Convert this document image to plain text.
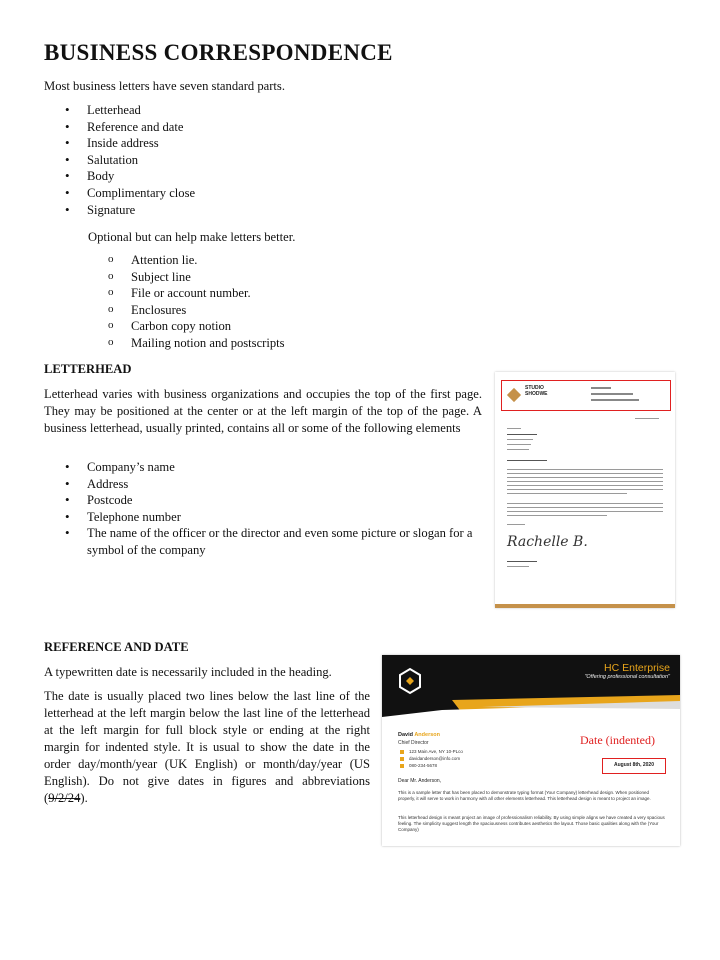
BUSINESS CORRESPONDENCE

Most business letters have seven standard parts.

• Letterhead
• Reference and date
• Inside address
• Salutation
• Body
• Complimentary close
• Signature

Optional but can help make letters better.

o Attention lie.
o Subject line
o File or account number.
o Enclosures
o Carbon copy notion
o Mailing notion and postscripts
LETTERHEAD

Letterhead varies with business organizations and occupies the top of the first page. They may be positioned at the center or at the left margin of the top of the page. A business letterhead, usually printed, contains all or some of the following elements

• Company’s name
• Address
• Postcode
• Telephone number
• The name of the officer or the director and even some picture or slogan for a symbol of the company
STUDIO
SHODWE
Rachelle B.
REFERENCE AND DATE

A typewritten date is necessarily included in the heading.

The date is usually placed two lines below the last line of the letterhead at the left margin below the last line of the letterhead at the left margin for full block style or ending at the right margin for indented style. It is usual to show the date in the order day/month/year (UK English) or month/day/year (US English). Do not give dates in figures and abbreviations (9/2/24).

HC Enterprise
"Offering professional consultation"
David Anderson
Chief Director
123 Main Ave, NY 10-PLco
davidanderson@info.com
080-234-5678
Date (indented)
August 8th, 2020
Dear Mr. Anderson,
This is a sample letter that has been placed to demonstrate typing format (Your Company) letterhead design. When positioned properly, it will serve to work in harmony with all other elements letterhead. This letterhead design is meant to project an image.
This letterhead design is meant project an image of professionalism reliability. By using simple aligns we have created a very spacious feeling. The simplicity suggest length the spaciousness contributes aesthetics the layout. Those basic qualities along with the (Your Company)
